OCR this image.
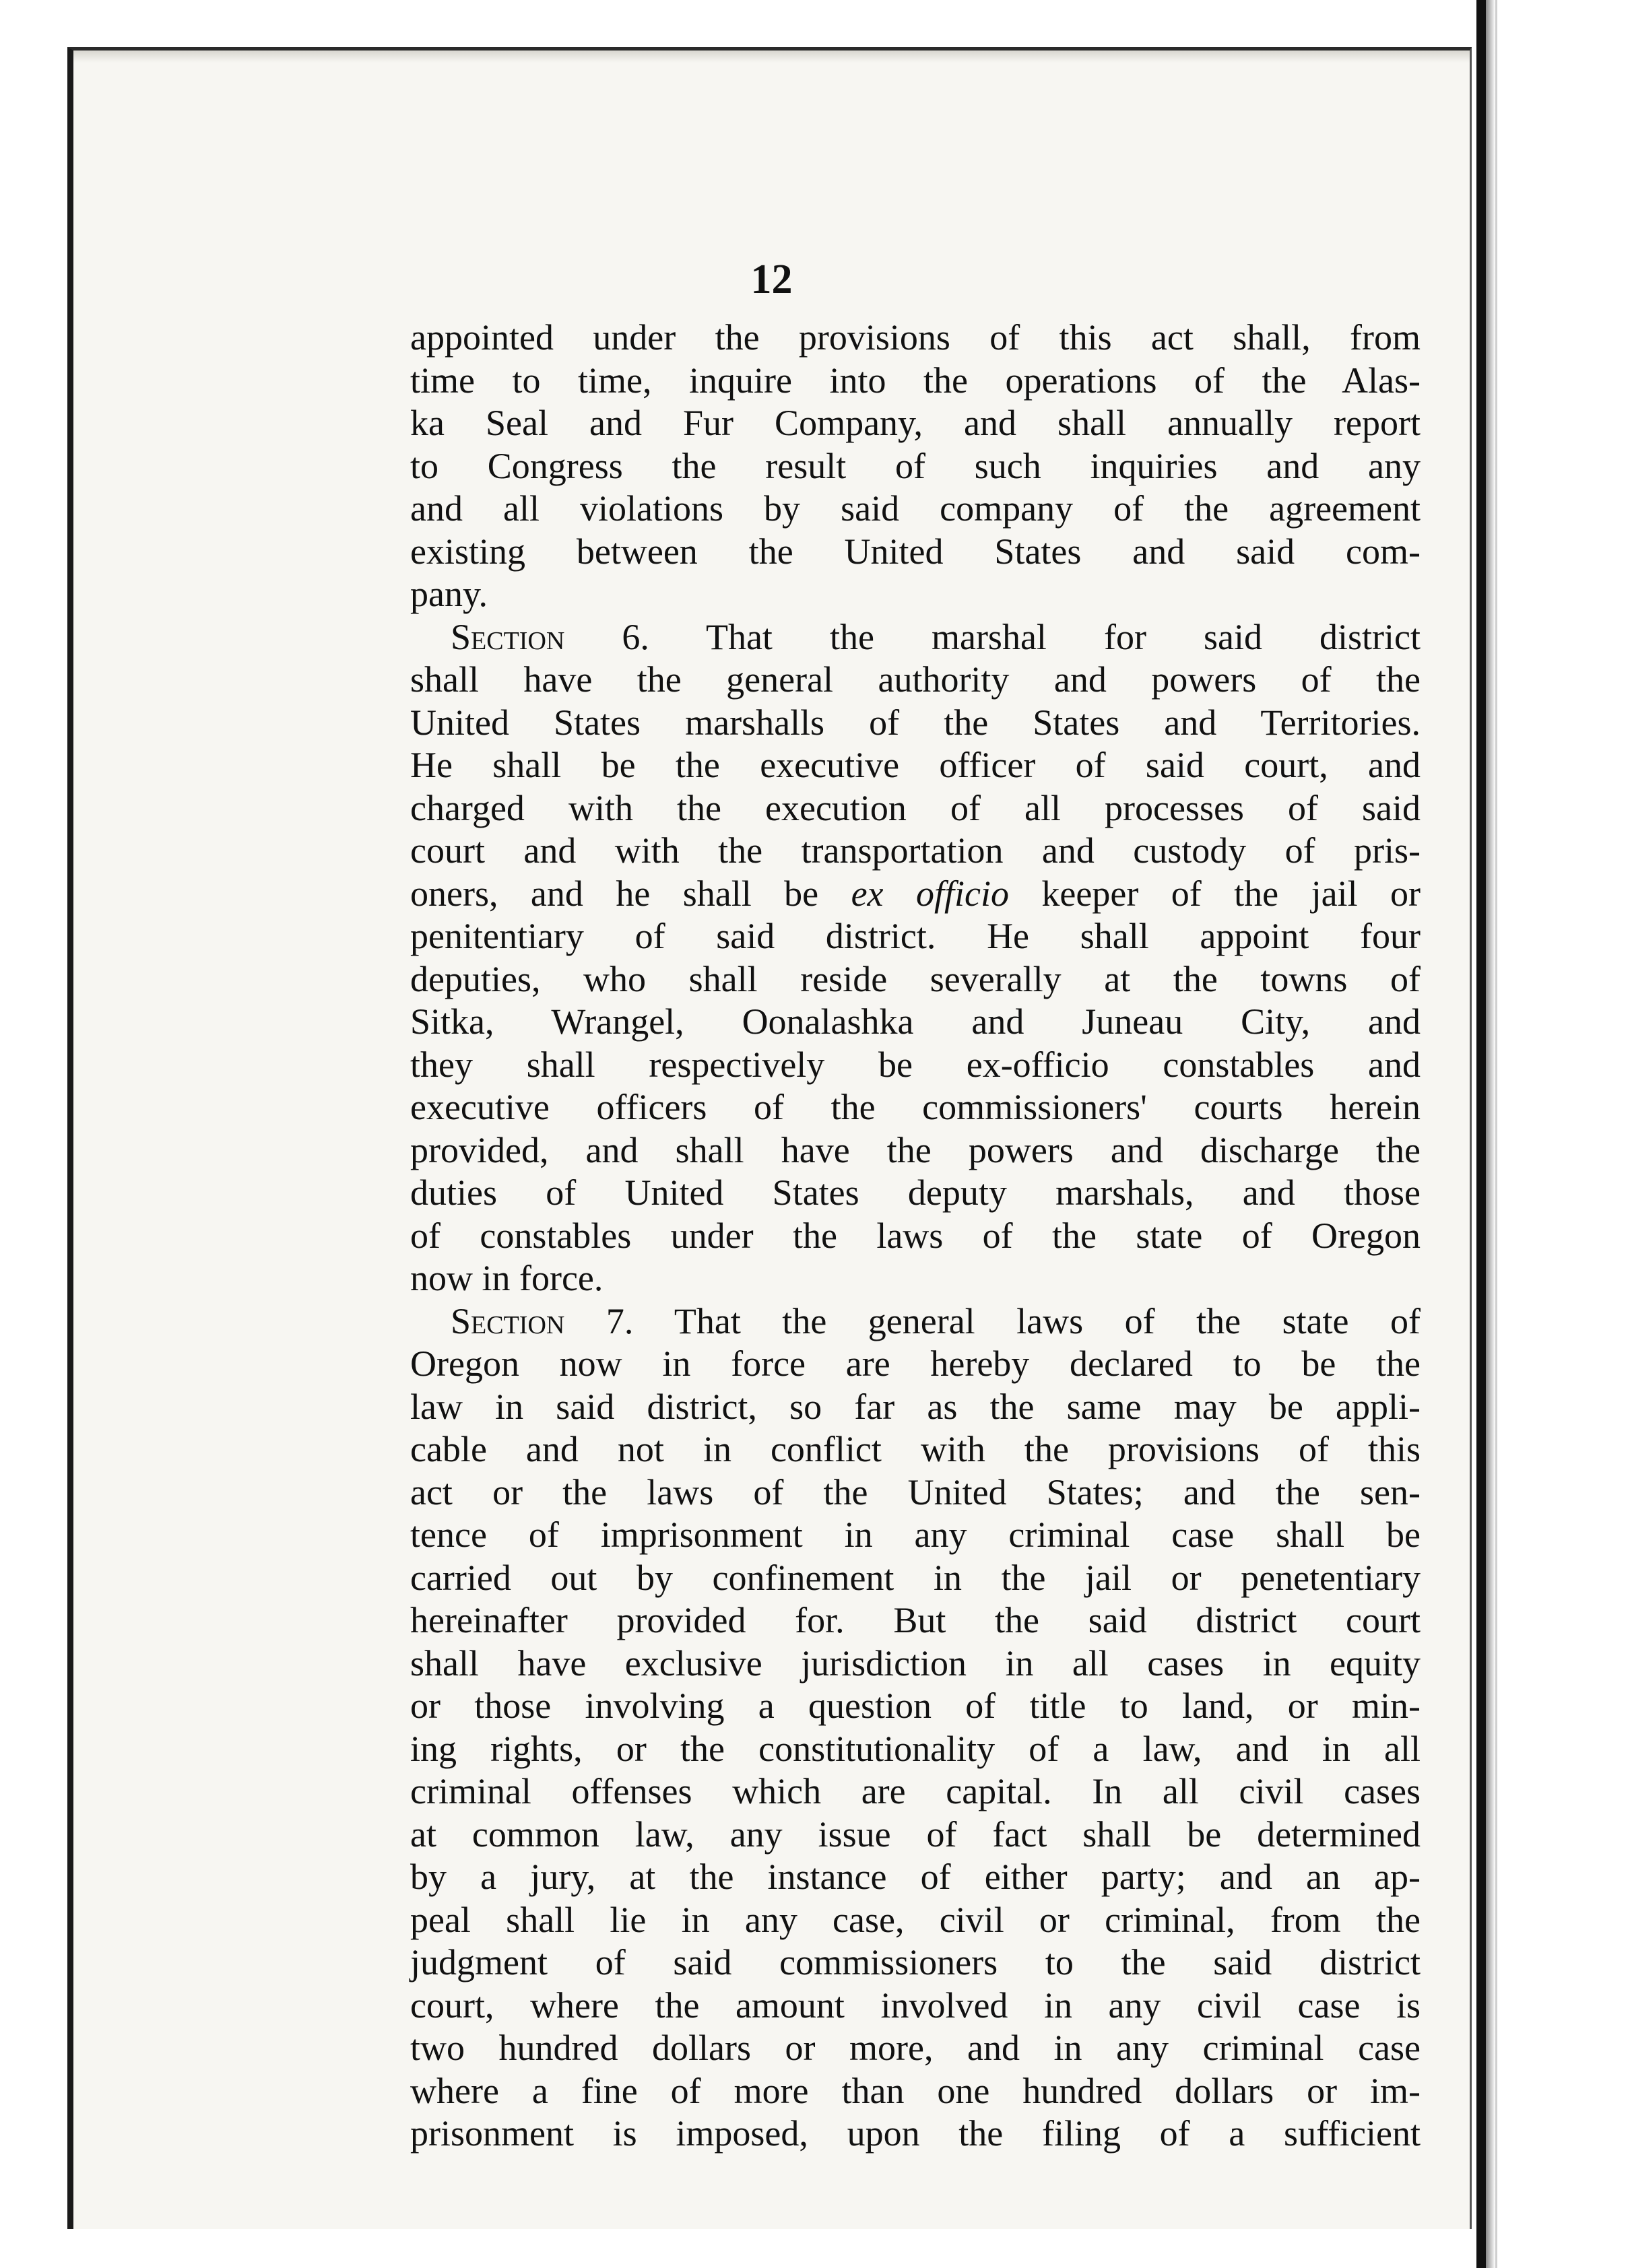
12
appointed under the provisions of this act shall, from
time to time, inquire into the operations of the Alas-
ka Seal and Fur Company, and shall annually report
to Congress the result of such inquiries and any
and all violations by said company of the agreement
existing between the United States and said com-
pany.
Section 6. That the marshal for said district
shall have the general authority and powers of the
United States marshalls of the States and Territories.
He shall be the executive officer of said court, and
charged with the execution of all processes of said
court and with the transportation and custody of pris-
oners, and he shall be ex officio keeper of the jail or
penitentiary of said district. He shall appoint four
deputies, who shall reside severally at the towns of
Sitka, Wrangel, Oonalashka and Juneau City, and
they shall respectively be ex-officio constables and
executive officers of the commissioners' courts herein
provided, and shall have the powers and discharge the
duties of United States deputy marshals, and those
of constables under the laws of the state of Oregon
now in force.
Section 7. That the general laws of the state of
Oregon now in force are hereby declared to be the
law in said district, so far as the same may be appli-
cable and not in conflict with the provisions of this
act or the laws of the United States; and the sen-
tence of imprisonment in any criminal case shall be
carried out by confinement in the jail or penetentiary
hereinafter provided for. But the said district court
shall have exclusive jurisdiction in all cases in equity
or those involving a question of title to land, or min-
ing rights, or the constitutionality of a law, and in all
criminal offenses which are capital. In all civil cases
at common law, any issue of fact shall be determined
by a jury, at the instance of either party; and an ap-
peal shall lie in any case, civil or criminal, from the
judgment of said commissioners to the said district
court, where the amount involved in any civil case is
two hundred dollars or more, and in any criminal case
where a fine of more than one hundred dollars or im-
prisonment is imposed, upon the filing of a sufficient
